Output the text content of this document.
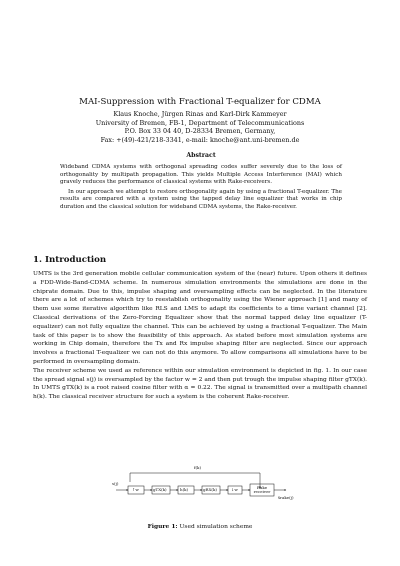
MAI-Suppression with Fractional T-equalizer for CDMA

Klaus Knoche, Jürgen Rinas and Karl-Dirk Kammeyer

University of Bremen, FB-1, Department of Telecommunications

P.O. Box 33 04 40, D-28334 Bremen, Germany,

Fax: +(49)-421/218-3341, e-mail: knoche@ant.uni-bremen.de

Abstract

Wideband CDMA systems with orthogonal spreading codes suffer severely due to the loss of orthogonality by multipath propagation. This yields Multiple Access Interference (MAI) which gravely reduces the performance of classical systems with Rake-receivers.

In our approach we attempt to restore orthogonality again by using a fractional T-equalizer. The results are compared with a system using the tapped delay line equalizer that works in chip duration and the classical solution for wideband CDMA systems, the Rake-receiver.

1. Introduction

UMTS is the 3rd generation mobile cellular communication system of the (near) future. Upon others it defines a FDD-Wide-Band-CDMA scheme. In numerous simulation environments the simulations are done in the chiprate domain. Due to this, impulse shaping and oversampling effects can be neglected. In the literature there are a lot of schemes which try to reestablish orthogonality using the Wiener approach [1] and many of them use some iterative algorithm like RLS and LMS to adapt its coefficients to a time variant channel [2]. Classical derivations of the Zero-Forcing Equalizer show that the normal tapped delay line equalizer (T-equalizer) can not fully equalize the channel. This can be achieved by using a fractional T-equalizer. The Main task of this paper is to show the feasibility of this approach. As stated before most simulation systems are working in Chip domain, therefore the Tx and Rx impulse shaping filter are neglected. Since our approach involves a fractional T-equalizer we can not do this anymore. To allow comparisons all simulations have to be performed in oversampling domain.

The receiver scheme we used as reference within our simulation environment is depicted in fig. 1. In our case the spread signal s(j) is oversampled by the factor w = 2 and then put trough the impulse shaping filter gTX(k). In UMTS gTX(k) is a root raised cosine filter with α = 0.22. The signal is transmitted over a multipath channel h(k). The classical receiver structure for such a system is the coherent Rake-receiver.

f(k)
s(j)
↑w	gTX(k)	h(k)	gRX(k)	↓w	Rake receiver
ŝrake(j)

Figure 1: Used simulation scheme
